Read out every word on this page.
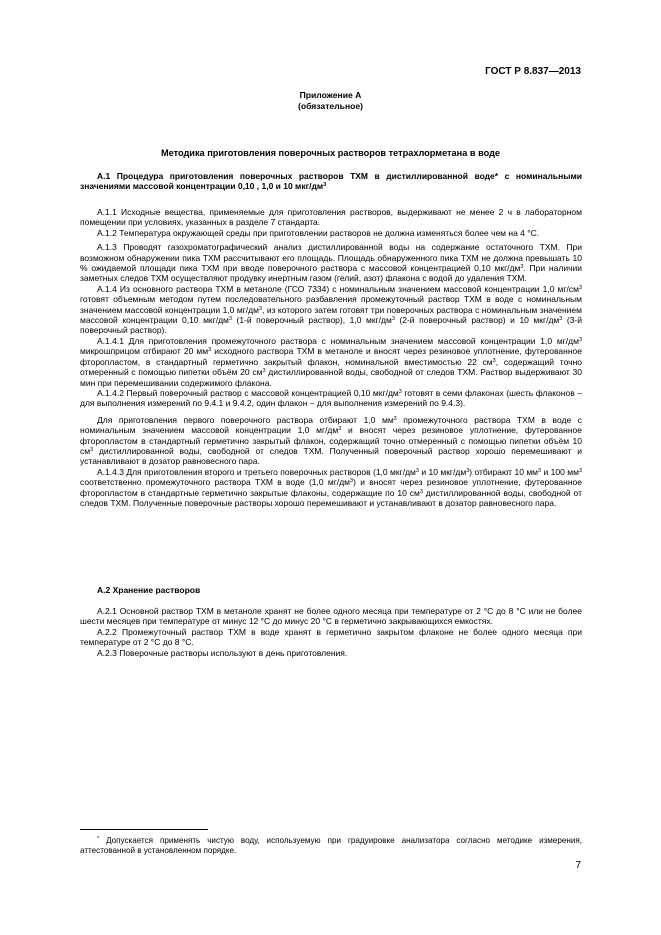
ГОСТ Р 8.837—2013
Приложение А
(обязательное)
Методика приготовления поверочных растворов тетрахлорметана в воде
А.1 Процедура приготовления поверочных растворов ТХМ в дистиллированной воде* с номинальными значениями массовой концентрации 0,10 , 1,0 и 10 мкг/$дм^3$
А.1.1 Исходные вещества, применяемые для приготовления растворов, выдерживают не менее 2 ч в лабораторном помещении при условиях, указанных в разделе 7 стандарта.
А.1.2 Температура окружающей среды при приготовлении растворов не должна изменяться более чем на 4 °С.
А.1.3 Проводят газохроматографический анализ дистиллированной воды на содержание остаточного ТХМ. При возможном обнаружении пика ТХМ рассчитывают его площадь. Площадь обнаруженного пика ТХМ не должна превышать 10 % ожидаемой площади пика ТХМ при вводе поверочного раствора с массовой концентрацией 0,10 мкг/$дм^3$. При наличии заметных следов ТХМ осуществляют продувку инертным газом (гелий, азот) флакона с водой до удаления ТХМ.
А.1.4 Из основного раствора ТХМ в метаноле (ГСО 7334) с номинальным значением массовой концентрации 1,0 $мг/см^3$ готовят объемным методом путем последовательного разбавления промежуточный раствор ТХМ в воде с номинальным значением массовой концентрации 1,0 $мг/дм^3$, из которого затем готовят три поверочных раствора с номинальным значением массовой концентрации 0,10 мкг/$дм^3$ (1-й поверочный раствор), 1,0 мкг/$дм^3$ (2-й поверочный раствор) и 10 мкг/$дм^3$ (3-й поверочный раствор).
А.1.4.1 Для приготовления промежуточного раствора с номинальным значением массовой концентрации 1,0 $мг/дм^3$ микрошприцом отбирают 20 $мм^3$ исходного раствора ТХМ в метаноле и вносят через резиновое уплотнение, футерованное фторопластом, в стандартный герметично закрытый флакон, номинальной вместимостью 22 $см^3$, содержащий точно отмеренный с помощью пипетки объём 20 $см^3$ дистиллированной воды, свободной от следов ТХМ. Раствор выдерживают 30 мин при перемешивании содержимого флакона.
А.1.4.2 Первый поверочный раствор с массовой концентрацией 0,10 мкг/$дм^3$ готовят в семи флаконах (шесть флаконов – для выполнения измерений по 9.4.1 и 9.4.2, один флакон – для выполнения измерений по 9.4.3).
Для приготовления первого поверочного раствора отбирают 1,0 $мм^3$ промежуточного раствора ТХМ в воде с номинальным значением массовой концентрации 1,0 $мг/дм^3$ и вносят через резиновое уплотнение, футерованное фторопластом в стандартный герметично закрытый флакон, содержащий точно отмеренный с помощью пипетки объём 10 $см^3$ дистиллированной воды, свободной от следов ТХМ. Полученный поверочный раствор хорошо перемешивают и устанавливают в дозатор равновесного пара.
А.1.4.3 Для приготовления второго и третьего поверочных растворов (1,0 мкг/$дм^3$ и 10 мкг/$дм^3$) отбирают 10 $мм^3$ и 100 $мм^3$ соответственно промежуточного раствора ТХМ в воде (1,0 $мг/дм^3$) и вносят через резиновое уплотнение, футерованное фторопластом в стандартные герметично закрытые флаконы, содержащие по 10 $см^3$ дистиллированной воды, свободной от следов ТХМ. Полученные поверочные растворы хорошо перемешивают и устанавливают в дозатор равновесного пара.
А.2 Хранение растворов
А.2.1 Основной раствор ТХМ в метаноле хранят не более одного месяца при температуре от 2 °С до 8 °С или не более шести месяцев при температуре от минус 12 °С до минус 20 °С в герметично закрывающихся емкостях.
А.2.2 Промежуточный раствор ТХМ в воде хранят в герметично закрытом флаконе не более одного месяца при температуре от 2 °С до 8 °С.
А.2.3 Поверочные растворы используют в день приготовления.
* Допускается применять чистую воду, используемую при градуировке анализатора согласно методике измерения, аттестованной в установленном порядке.
7
